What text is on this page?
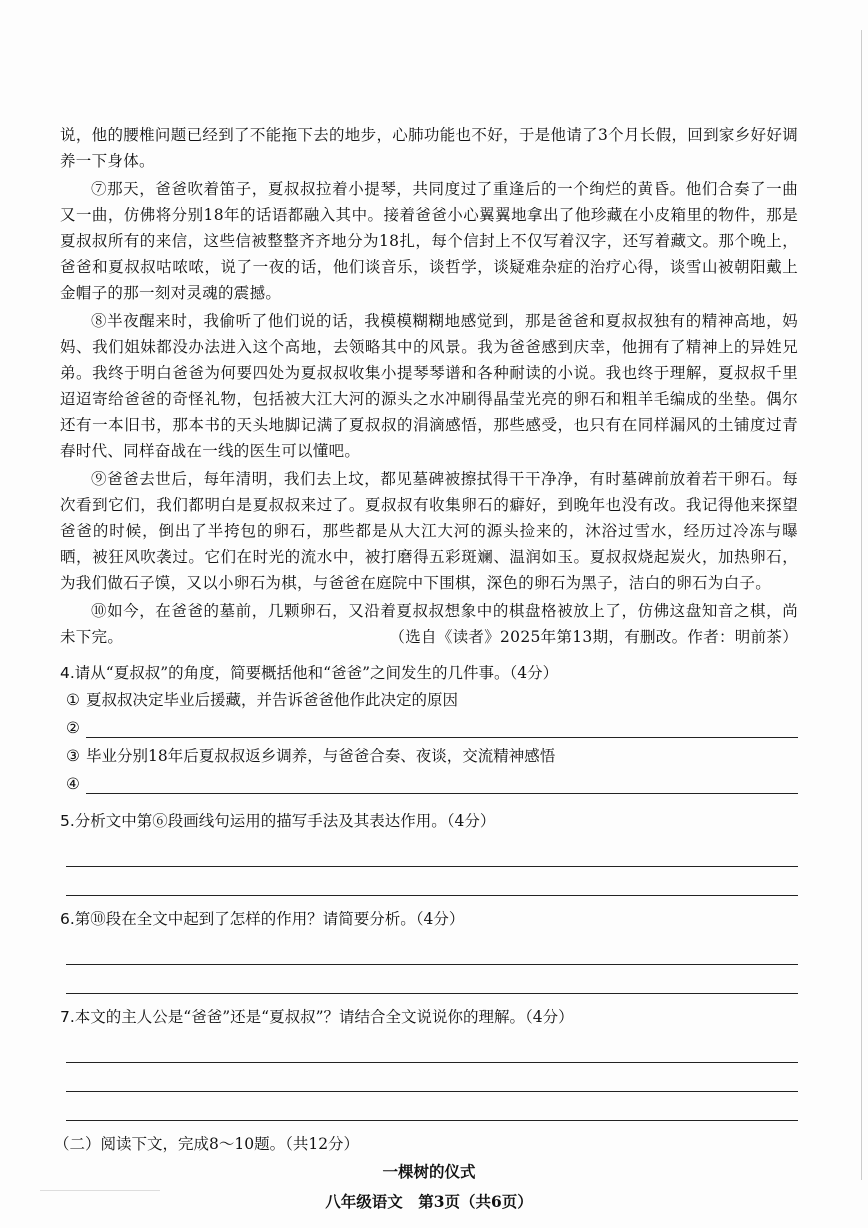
说，他的腰椎问题已经到了不能拖下去的地步，心肺功能也不好，于是他请了3个月长假，回到家乡好好调养一下身体。

⑦那天，爸爸吹着笛子，夏叔叔拉着小提琴，共同度过了重逢后的一个绚烂的黄昏。他们合奏了一曲又一曲，仿佛将分别18年的话语都融入其中。接着爸爸小心翼翼地拿出了他珍藏在小皮箱里的物件，那是夏叔叔所有的来信，这些信被整整齐齐地分为18扎，每个信封上不仅写着汉字，还写着藏文。那个晚上，爸爸和夏叔叔咕哝哝，说了一夜的话，他们谈音乐，谈哲学，谈疑难杂症的治疗心得，谈雪山被朝阳戴上金帽子的那一刻对灵魂的震撼。

⑧半夜醒来时，我偷听了他们说的话，我模模糊糊地感觉到，那是爸爸和夏叔叔独有的精神高地，妈妈、我们姐妹都没办法进入这个高地，去领略其中的风景。我为爸爸感到庆幸，他拥有了精神上的异姓兄弟。我终于明白爸爸为何要四处为夏叔叔收集小提琴琴谱和各种耐读的小说。我也终于理解，夏叔叔千里迢迢寄给爸爸的奇怪礼物，包括被大江大河的源头之水冲刷得晶莹光亮的卵石和粗羊毛编成的坐垫。偶尔还有一本旧书，那本书的天头地脚记满了夏叔叔的涓滴感悟，那些感受，也只有在同样漏风的土铺度过青春时代、同样奋战在一线的医生可以懂吧。

⑨爸爸去世后，每年清明，我们去上坟，都见墓碑被擦拭得干干净净，有时墓碑前放着若干卵石。每次看到它们，我们都明白是夏叔叔来过了。夏叔叔有收集卵石的癖好，到晚年也没有改。我记得他来探望爸爸的时候，倒出了半挎包的卵石，那些都是从大江大河的源头捡来的，沐浴过雪水，经历过冷冻与曝晒，被狂风吹袭过。它们在时光的流水中，被打磨得五彩斑斓、温润如玉。夏叔叔烧起炭火，加热卵石，为我们做石子馍，又以小卵石为棋，与爸爸在庭院中下围棋，深色的卵石为黑子，洁白的卵石为白子。

⑩如今，在爸爸的墓前，几颗卵石，又沿着夏叔叔想象中的棋盘格被放上了，仿佛这盘知音之棋，尚未下完。	（选自《读者》2025年第13期，有删改。作者：明前茶）
4.请从“夏叔叔”的角度，简要概括他和“爸爸”之间发生的几件事。（4分）
① 夏叔叔决定毕业后援藏，并告诉爸爸他作此决定的原因
②
③ 毕业分别18年后夏叔叔返乡调养，与爸爸合奏、夜谈，交流精神感悟
④
5.分析文中第⑥段画线句运用的描写手法及其表达作用。（4分）
6.第⑩段在全文中起到了怎样的作用？请简要分析。（4分）
7.本文的主人公是“爸爸”还是“夏叔叔”？请结合全文说说你的理解。（4分）
（二）阅读下文，完成8～10题。（共12分）
一棵树的仪式
八年级语文　第3页（共6页）
